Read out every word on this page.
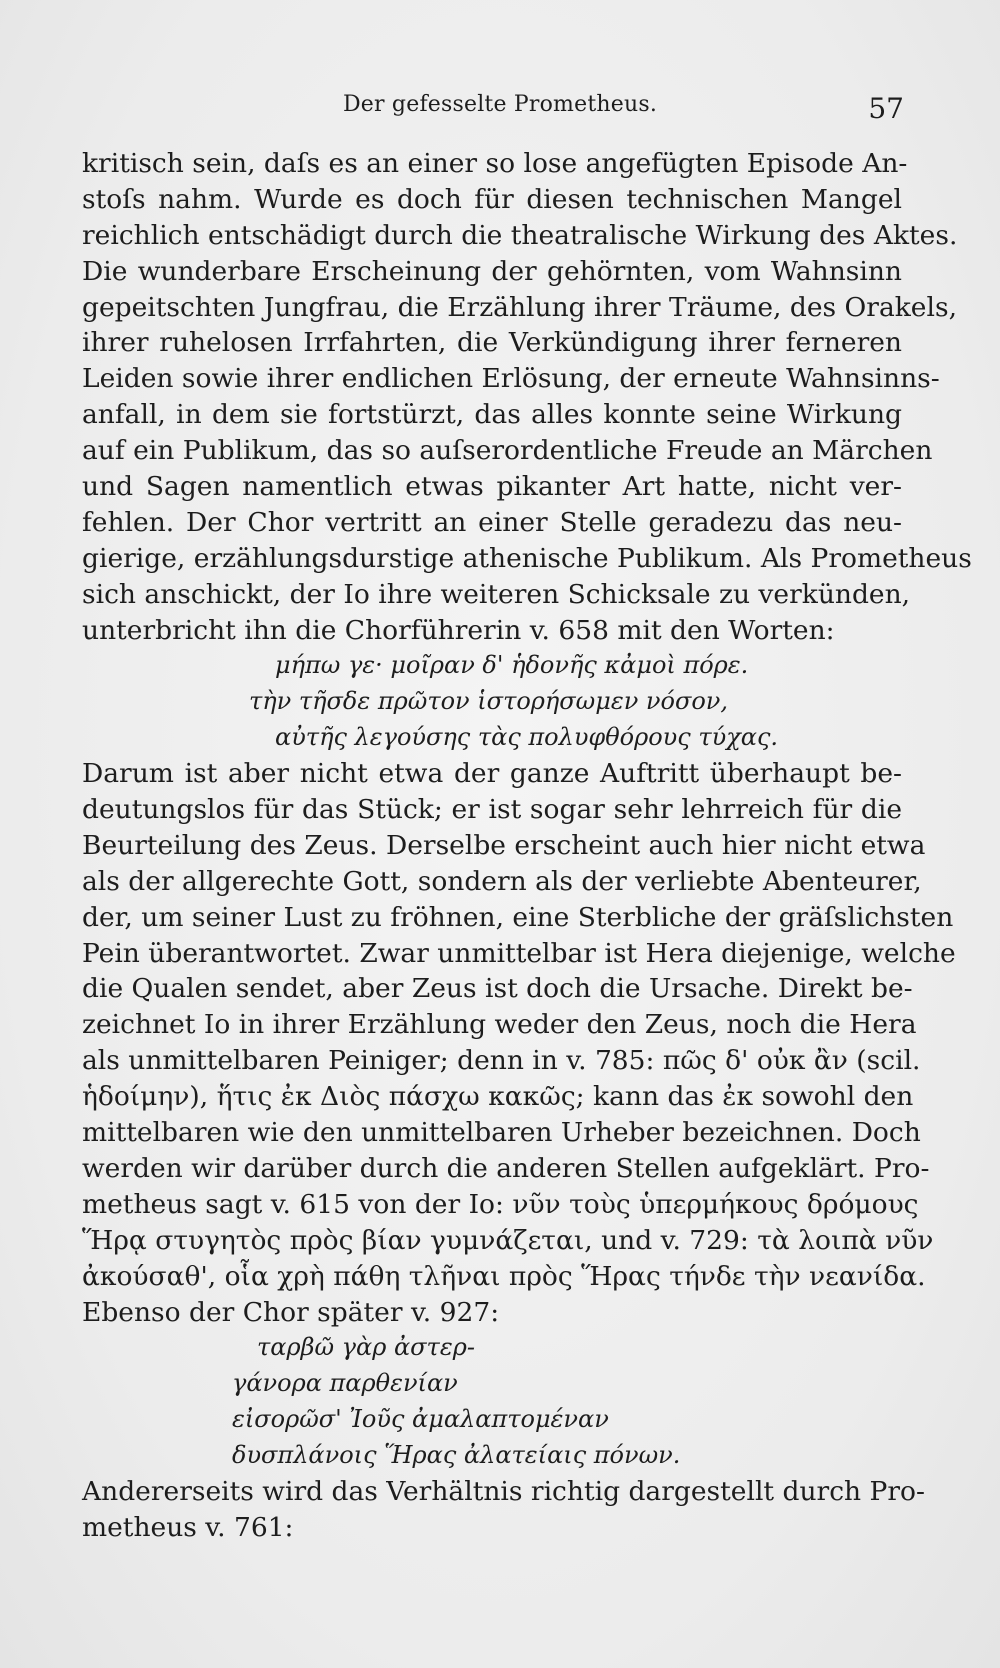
Der gefesselte Prometheus.	57
kritisch sein, daſs es an einer so lose angefügten Episode An-
stoſs nahm. Wurde es doch für diesen technischen Mangel
reichlich entschädigt durch die theatralische Wirkung des Aktes.
Die wunderbare Erscheinung der gehörnten, vom Wahnsinn
gepeitschten Jungfrau, die Erzählung ihrer Träume, des Orakels,
ihrer ruhelosen Irrfahrten, die Verkündigung ihrer ferneren
Leiden sowie ihrer endlichen Erlösung, der erneute Wahnsinns-
anfall, in dem sie fortstürzt, das alles konnte seine Wirkung
auf ein Publikum, das so auſserordentliche Freude an Märchen
und Sagen namentlich etwas pikanter Art hatte, nicht ver-
fehlen. Der Chor vertritt an einer Stelle geradezu das neu-
gierige, erzählungsdurstige athenische Publikum. Als Prometheus
sich anschickt, der Io ihre weiteren Schicksale zu verkünden,
unterbricht ihn die Chorführerin v. 658 mit den Worten:
μήπω γε· μοῖραν δ' ἡδονῆς κἀμοὶ πόρε.
τὴν τῆσδε πρῶτον ἱστορήσωμεν νόσον,
αὐτῆς λεγούσης τὰς πολυφθόρους τύχας.
Darum ist aber nicht etwa der ganze Auftritt überhaupt be-
deutungslos für das Stück; er ist sogar sehr lehrreich für die
Beurteilung des Zeus. Derselbe erscheint auch hier nicht etwa
als der allgerechte Gott, sondern als der verliebte Abenteurer,
der, um seiner Lust zu fröhnen, eine Sterbliche der gräſslichsten
Pein überantwortet. Zwar unmittelbar ist Hera diejenige, welche
die Qualen sendet, aber Zeus ist doch die Ursache. Direkt be-
zeichnet Io in ihrer Erzählung weder den Zeus, noch die Hera
als unmittelbaren Peiniger; denn in v. 785: πῶς δ' οὐκ ἂν (scil.
ἡδοίμην), ἥτις ἐκ Διὸς πάσχω κακῶς; kann das ἐκ sowohl den
mittelbaren wie den unmittelbaren Urheber bezeichnen. Doch
werden wir darüber durch die anderen Stellen aufgeklärt. Pro-
metheus sagt v. 615 von der Io: νῦν τοὺς ὑπερμήκους δρόμους
Ἥρᾳ στυγητὸς πρὸς βίαν γυμνάζεται, und v. 729: τὰ λοιπὰ νῦν
ἀκούσαθ', οἷα χρὴ πάθη τλῆναι πρὸς Ἥρας τήνδε τὴν νεανίδα.
Ebenso der Chor später v. 927:
ταρβῶ γὰρ ἀστερ-
γάνορα παρθενίαν
εἰσορῶσ' Ἰοῦς ἀμαλαπτομέναν
δυσπλάνοις Ἥρας ἀλατείαις πόνων.
Andererseits wird das Verhältnis richtig dargestellt durch Pro-
metheus v. 761:
